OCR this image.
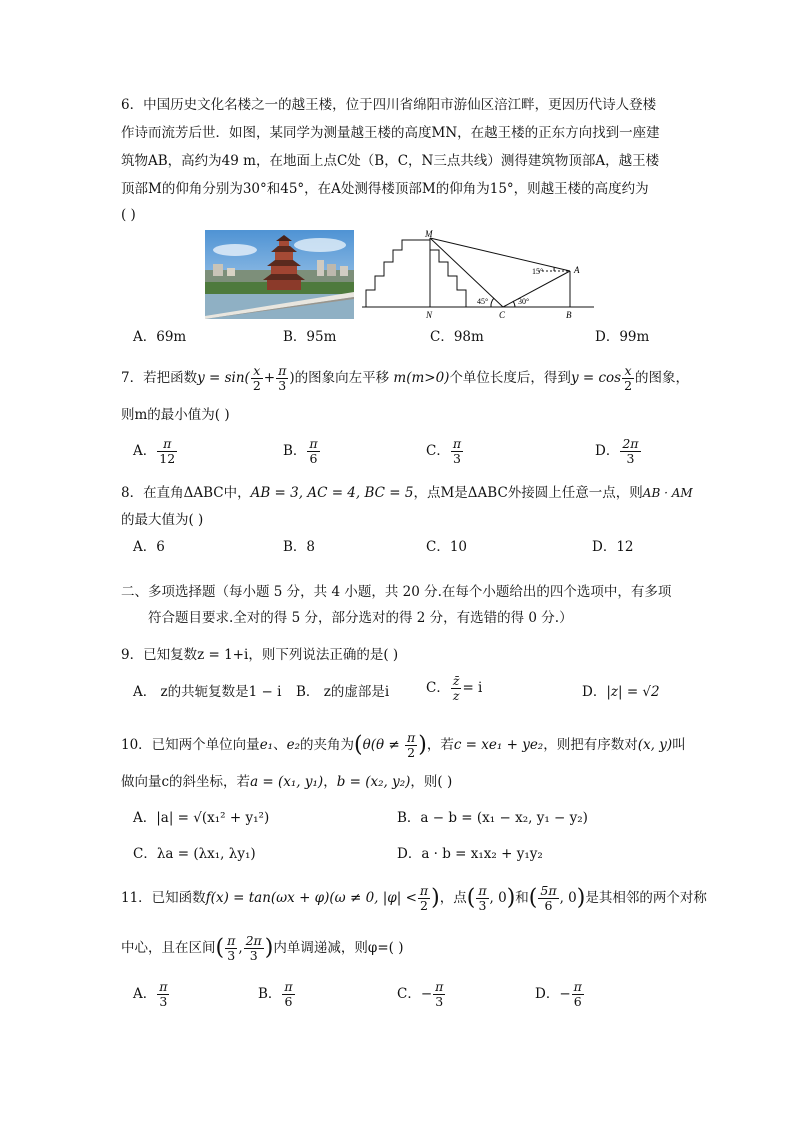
6．中国历史文化名楼之一的越王楼，位于四川省绵阳市游仙区涪江畔，更因历代诗人登楼
作诗而流芳后世．如图，某同学为测量越王楼的高度MN，在越王楼的正东方向找到一座建
筑物AB，高约为49 m，在地面上点C处（B，C，N三点共线）测得建筑物顶部A，越王楼
顶部M的仰角分别为30°和45°，在A处测得楼顶部M的仰角为15°，则越王楼的高度约为
( )
M
A
N	C	B
15°
45°	30°
A．69m	B．95m	C．98m	D．99m
7．若把函数$y = \sin( \frac{x}{2} + \frac{\pi}{3}$ )的图象向左平移 m(m>0)个单位长度后，得到$y = \cos \frac{x}{2}$ 的图象，
则m的最小值为( )
A． $\frac{\pi}{12}$	B． $\frac{\pi}{6}$	C． $\frac{\pi}{3}$	D． $\frac{2\pi}{3}$
8．在直角ΔABC中，AB = 3, AC = 4, BC = 5，点M是ΔABC外接圆上任意一点，则AB · AM
的最大值为( )
A．6	B．8	C．10	D．12
二、多项选择题（每小题 5 分，共 4 小题，共 20 分.在每个小题给出的四个选项中，有多项
符合题目要求.全对的得 5 分，部分选对的得 2 分，有选错的得 0 分.）
9．已知复数z = 1+i，则下列说法正确的是( )
A． z的共轭复数是1 − i B． z的虚部是i	C． $\frac{z̄}{z} = i$	D．|z| = √2
10．已知两个单位向量e₁、e₂的夹角为($\theta(\theta \ne \frac{\pi}{2}$ )，若c = xe₁ + ye₂，则把有序数对(x, y)叫
做向量c的斜坐标，若a = (x₁, y₁)，b = (x₂, y₂)，则( )
A．|a| = √(x₁² + y₁²)	B．a − b = (x₁ − x₂, y₁ − y₂)
C．λa = (λx₁, λy₁)	D．a · b = x₁x₂ + y₁y₂
11．已知函数f(x) = tan(ωx + φ)(ω ≠ 0, $|\varphi| < \frac{\pi}{2}$ )，点( $\frac{\pi}{3}$ , 0)和( $\frac{5\pi}{6}$ , 0)是其相邻的两个对称
中心，且在区间( $\frac{\pi}{3}$ , $\frac{2\pi}{3}$ )内单调递减，则φ=( )
A． $\frac{\pi}{3}$	B． $\frac{\pi}{6}$	C．− $\frac{\pi}{3}$	D．− $\frac{\pi}{6}$
